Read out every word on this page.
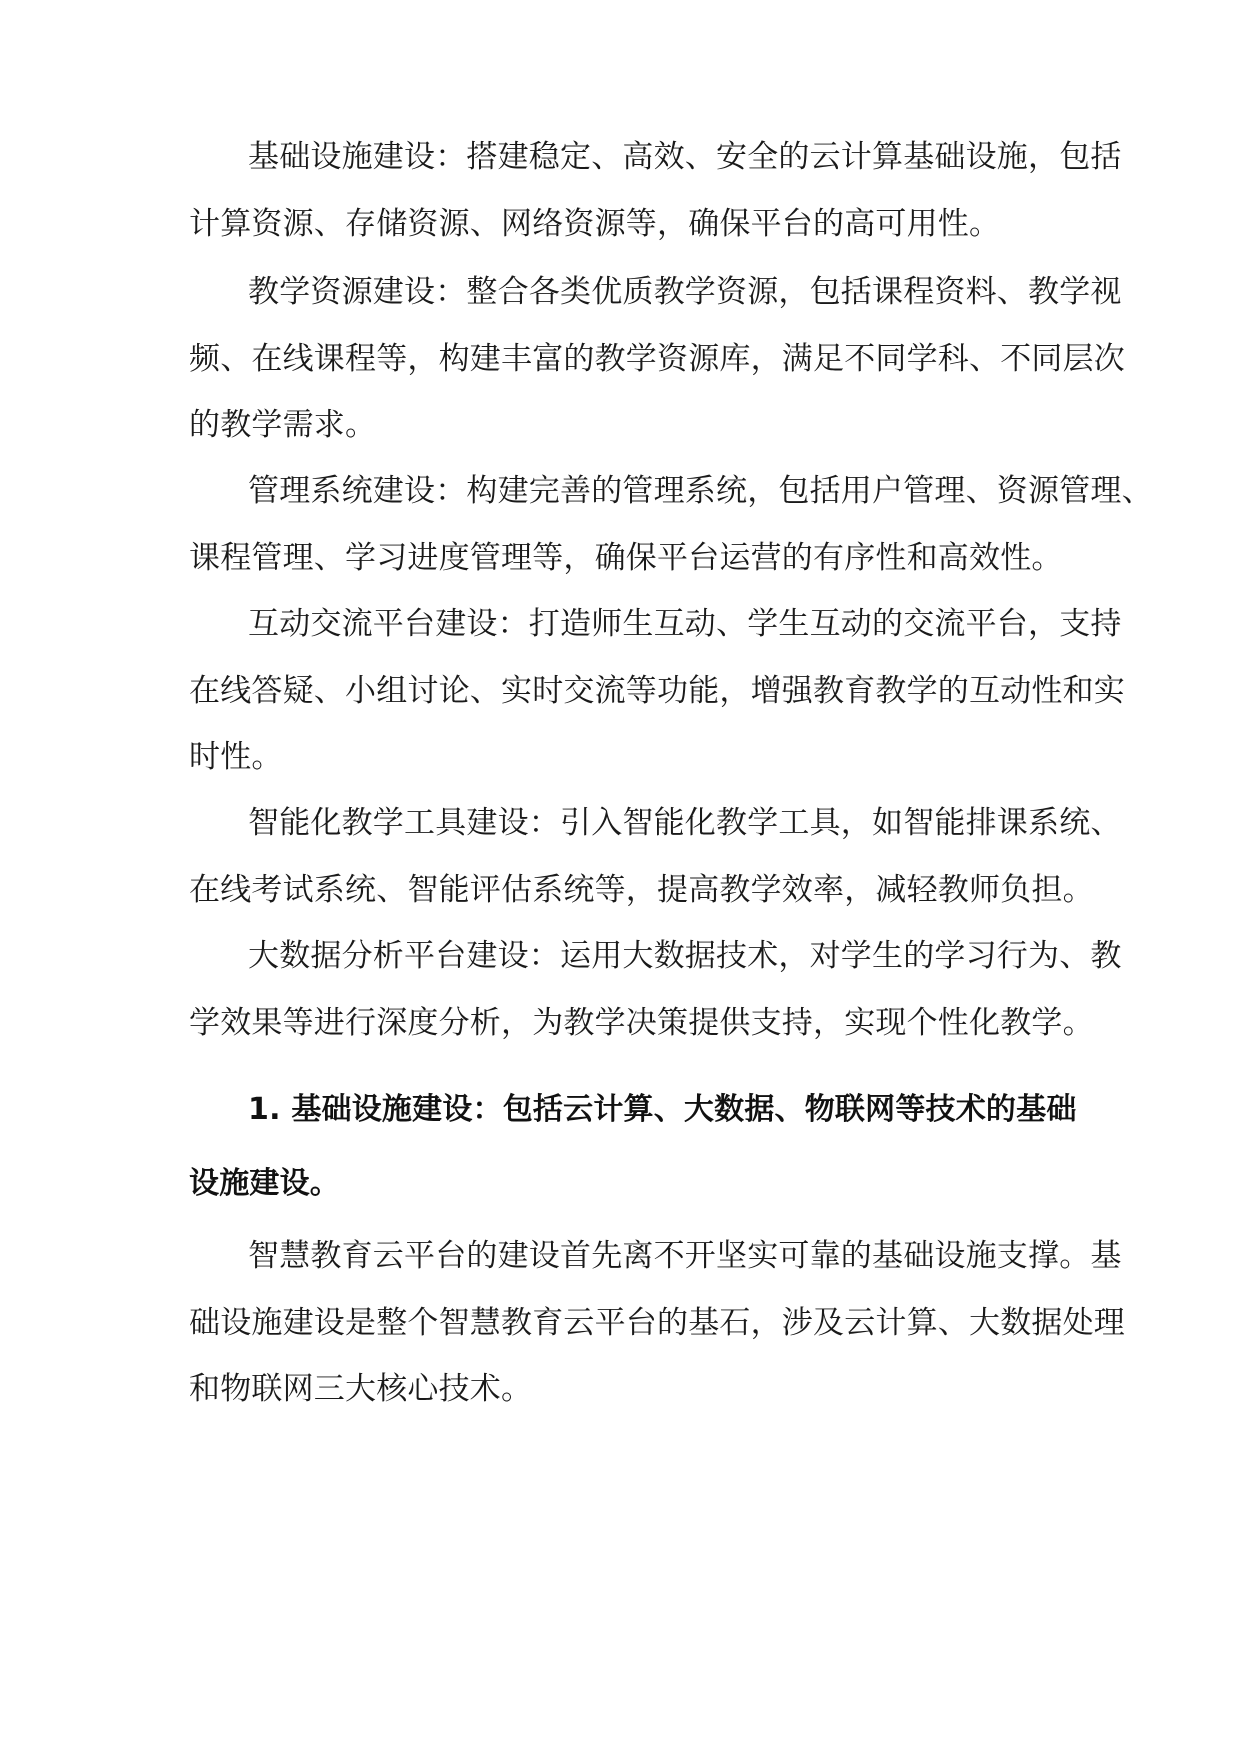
基础设施建设：搭建稳定、高效、安全的云计算基础设施，包括
计算资源、存储资源、网络资源等，确保平台的高可用性。
教学资源建设：整合各类优质教学资源，包括课程资料、教学视
频、在线课程等，构建丰富的教学资源库，满足不同学科、不同层次
的教学需求。
管理系统建设：构建完善的管理系统，包括用户管理、资源管理、
课程管理、学习进度管理等，确保平台运营的有序性和高效性。
互动交流平台建设：打造师生互动、学生互动的交流平台，支持
在线答疑、小组讨论、实时交流等功能，增强教育教学的互动性和实
时性。
智能化教学工具建设：引入智能化教学工具，如智能排课系统、
在线考试系统、智能评估系统等，提高教学效率，减轻教师负担。
大数据分析平台建设：运用大数据技术，对学生的学习行为、教
学效果等进行深度分析，为教学决策提供支持，实现个性化教学。
1. 基础设施建设：包括云计算、大数据、物联网等技术的基础
设施建设。
智慧教育云平台的建设首先离不开坚实可靠的基础设施支撑。基
础设施建设是整个智慧教育云平台的基石，涉及云计算、大数据处理
和物联网三大核心技术。
